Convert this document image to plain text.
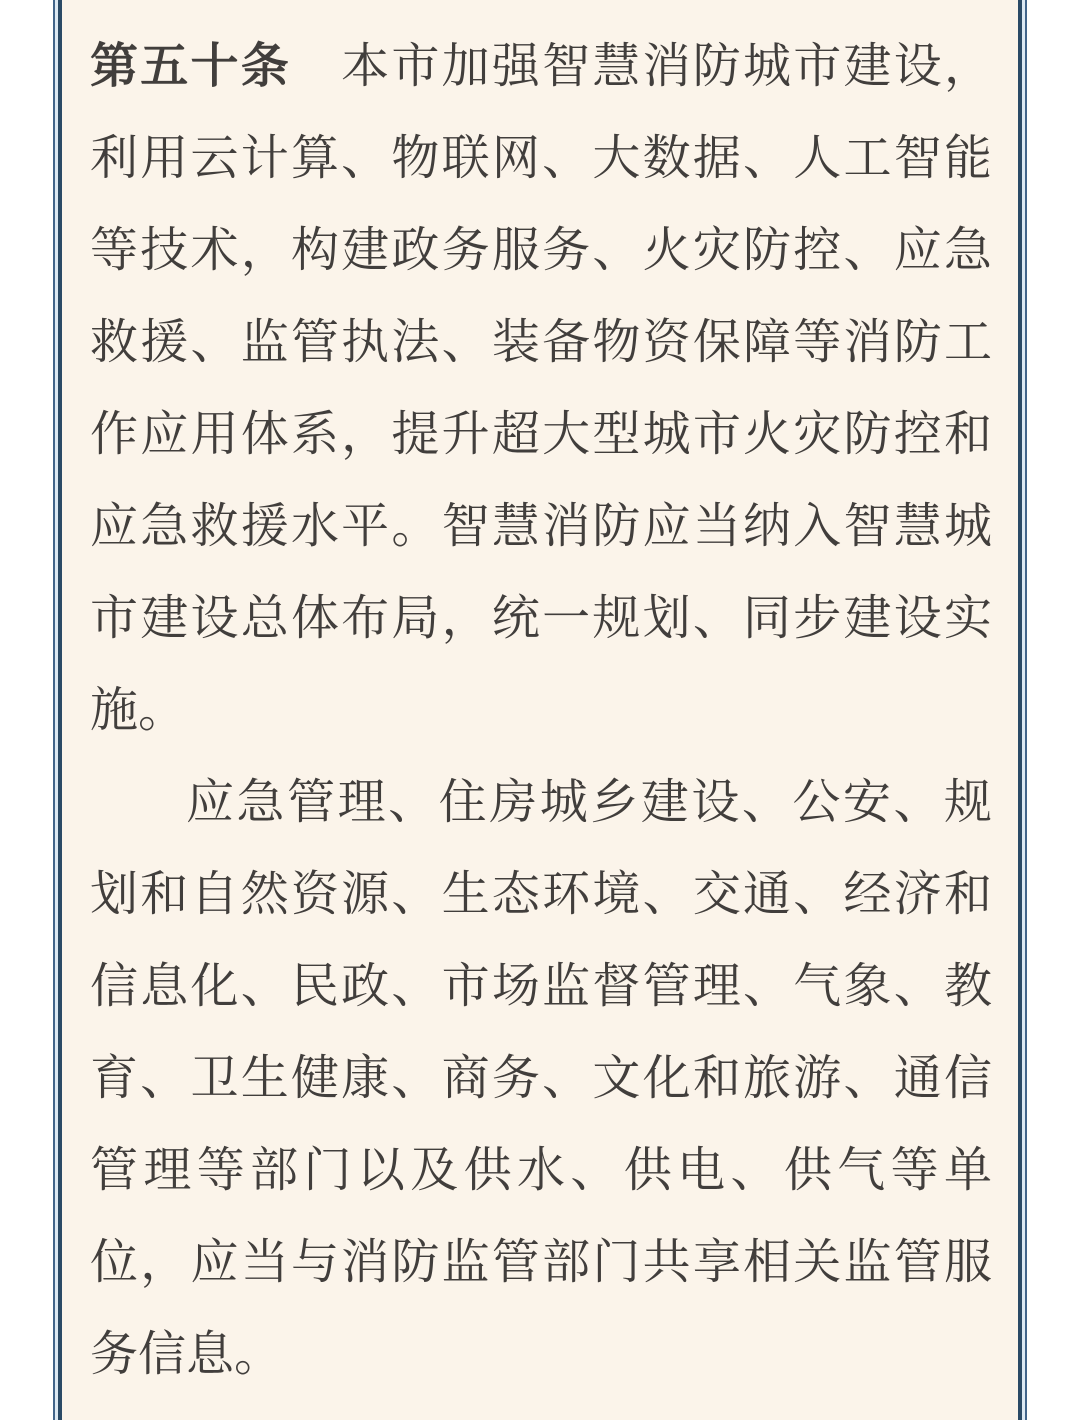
第五十条　 本市加强智慧消防城市建设，利用云计算、物联网、大数据、人工智能等技术，构建政务服务、火灾防控、应急救援、监管执法、装备物资保障等消防工作应用体系，提升超大型城市火灾防控和应急救援水平。智慧消防应当纳入智慧城市建设总体布局，统一规划、同步建设实施。

应急管理、住房城乡建设、公安、规划和自然资源、生态环境、交通、经济和信息化、民政、市场监督管理、气象、教育、卫生健康、商务、文化和旅游、通信管理等部门以及供水、供电、供气等单位，应当与消防监管部门共享相关监管服务信息。
